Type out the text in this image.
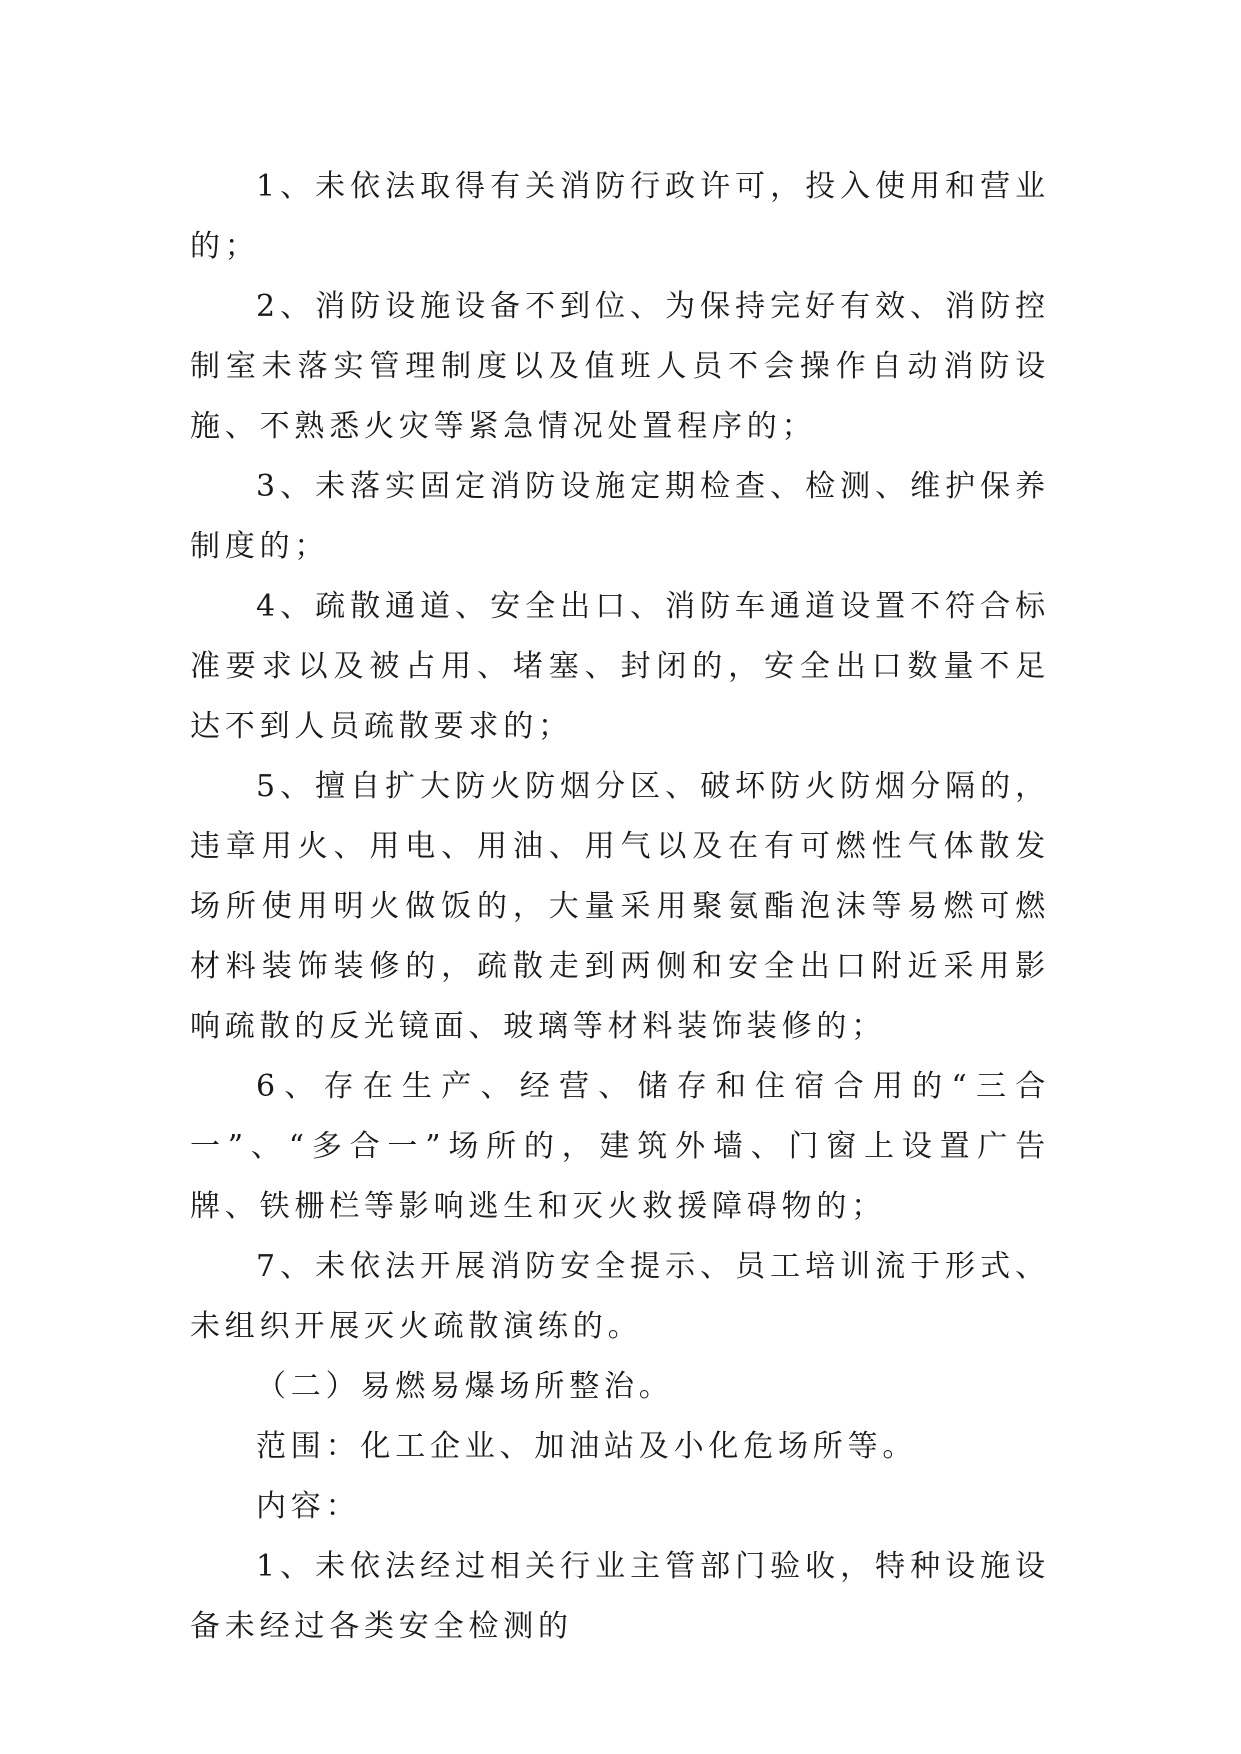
1、未依法取得有关消防行政许可，投入使用和营业的；

2、消防设施设备不到位、为保持完好有效、消防控制室未落实管理制度以及值班人员不会操作自动消防设施、不熟悉火灾等紧急情况处置程序的；

3、未落实固定消防设施定期检查、检测、维护保养制度的；

4、疏散通道、安全出口、消防车通道设置不符合标准要求以及被占用、堵塞、封闭的，安全出口数量不足达不到人员疏散要求的；

5、擅自扩大防火防烟分区、破坏防火防烟分隔的，违章用火、用电、用油、用气以及在有可燃性气体散发场所使用明火做饭的，大量采用聚氨酯泡沫等易燃可燃材料装饰装修的，疏散走到两侧和安全出口附近采用影响疏散的反光镜面、玻璃等材料装饰装修的；

6、存在生产、经营、储存和住宿合用的“三合一”、“多合一”场所的，建筑外墙、门窗上设置广告牌、铁栅栏等影响逃生和灭火救援障碍物的；

7、未依法开展消防安全提示、员工培训流于形式、未组织开展灭火疏散演练的。

（二）易燃易爆场所整治。

范围：化工企业、加油站及小化危场所等。

内容：

1、未依法经过相关行业主管部门验收，特种设施设备未经过各类安全检测的
